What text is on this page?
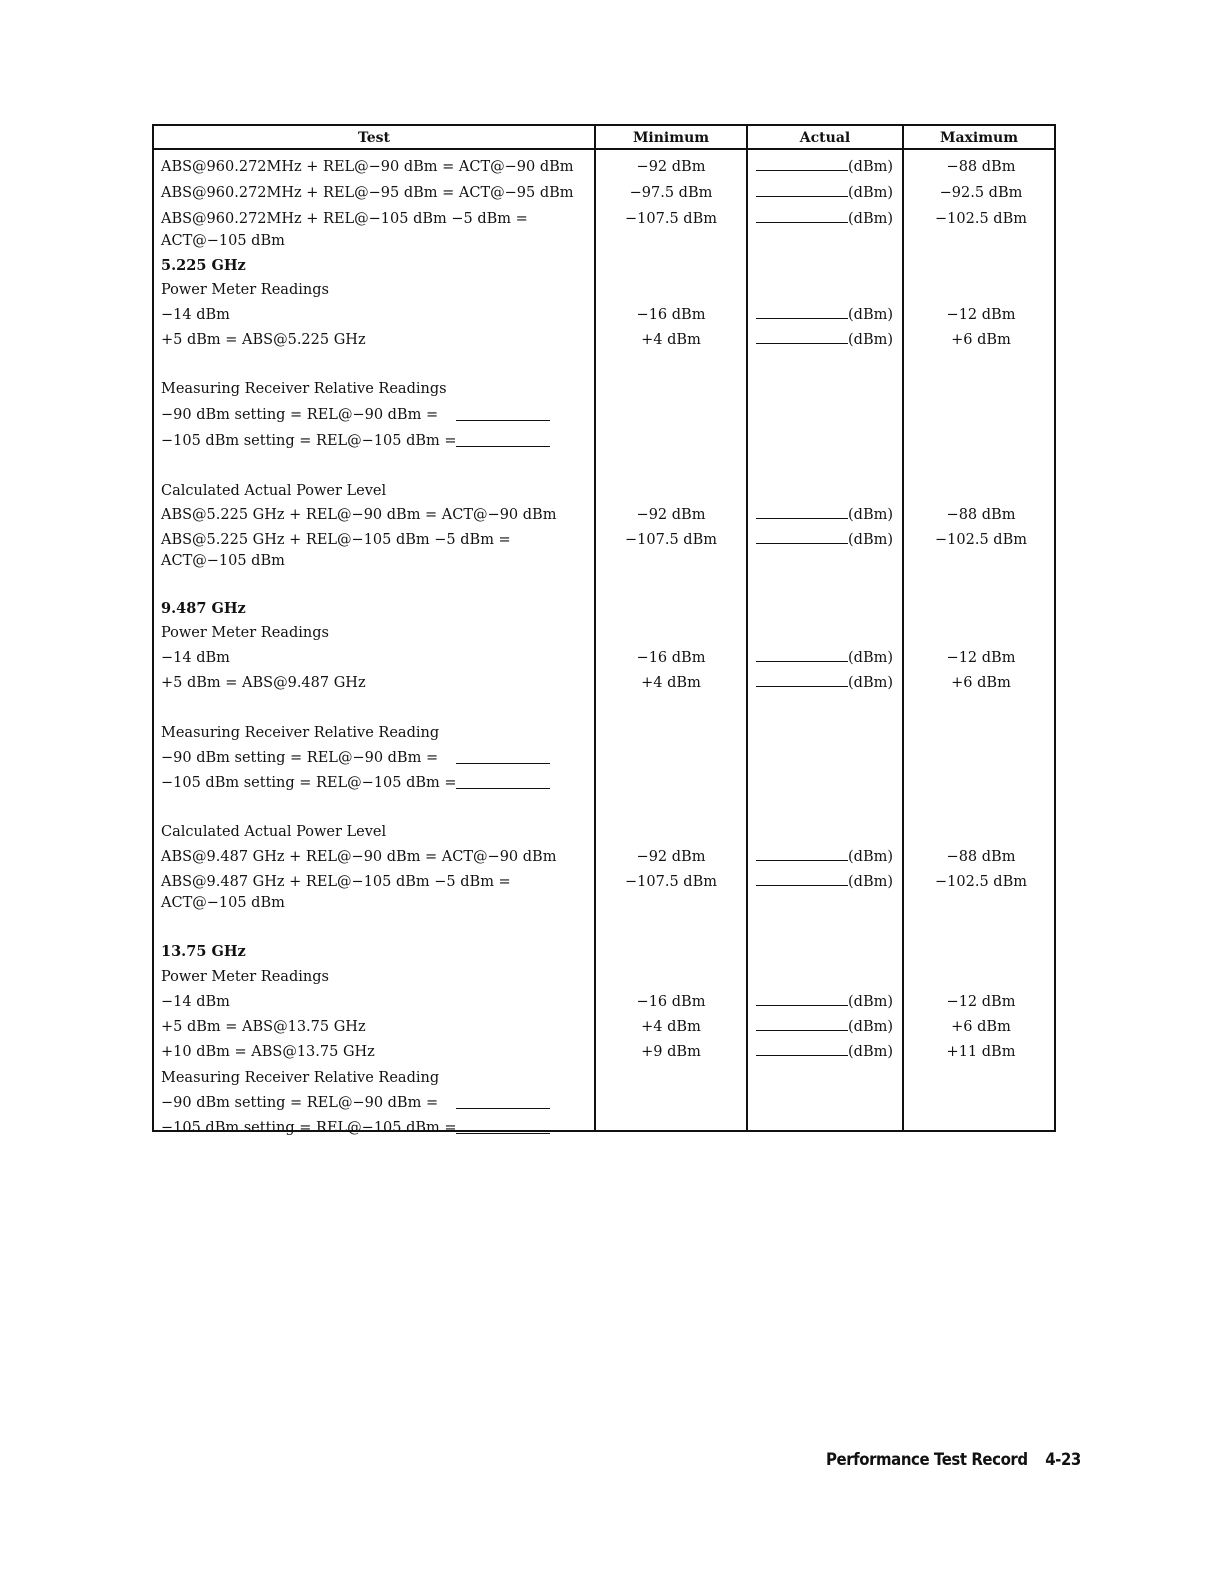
Test	Minimum	Actual	Maximum
ABS@960.272MHz + REL@−90 dBm = ACT@−90 dBm	−92 dBm	(dBm)	−88 dBm
ABS@960.272MHz + REL@−95 dBm = ACT@−95 dBm	−97.5 dBm	(dBm)	−92.5 dBm
ABS@960.272MHz + REL@−105 dBm −5 dBm =	−107.5 dBm	(dBm)	−102.5 dBm
ACT@−105 dBm
5.225 GHz
Power Meter Readings
−14 dBm	−16 dBm	(dBm)	−12 dBm
+5 dBm = ABS@5.225 GHz	+4 dBm	(dBm)	+6 dBm
Measuring Receiver Relative Readings
−90 dBm setting = REL@−90 dBm =
−105 dBm setting = REL@−105 dBm =
Calculated Actual Power Level
ABS@5.225 GHz + REL@−90 dBm = ACT@−90 dBm	−92 dBm	(dBm)	−88 dBm
ABS@5.225 GHz + REL@−105 dBm −5 dBm =	−107.5 dBm	(dBm)	−102.5 dBm
ACT@−105 dBm
9.487 GHz
Power Meter Readings
−14 dBm	−16 dBm	(dBm)	−12 dBm
+5 dBm = ABS@9.487 GHz	+4 dBm	(dBm)	+6 dBm
Measuring Receiver Relative Reading
−90 dBm setting = REL@−90 dBm =
−105 dBm setting = REL@−105 dBm =
Calculated Actual Power Level
ABS@9.487 GHz + REL@−90 dBm = ACT@−90 dBm	−92 dBm	(dBm)	−88 dBm
ABS@9.487 GHz + REL@−105 dBm −5 dBm =	−107.5 dBm	(dBm)	−102.5 dBm
ACT@−105 dBm
13.75 GHz
Power Meter Readings
−14 dBm	−16 dBm	(dBm)	−12 dBm
+5 dBm = ABS@13.75 GHz	+4 dBm	(dBm)	+6 dBm
+10 dBm = ABS@13.75 GHz	+9 dBm	(dBm)	+11 dBm
Measuring Receiver Relative Reading
−90 dBm setting = REL@−90 dBm =
−105 dBm setting = REL@−105 dBm =
Performance Test Record 4-23
